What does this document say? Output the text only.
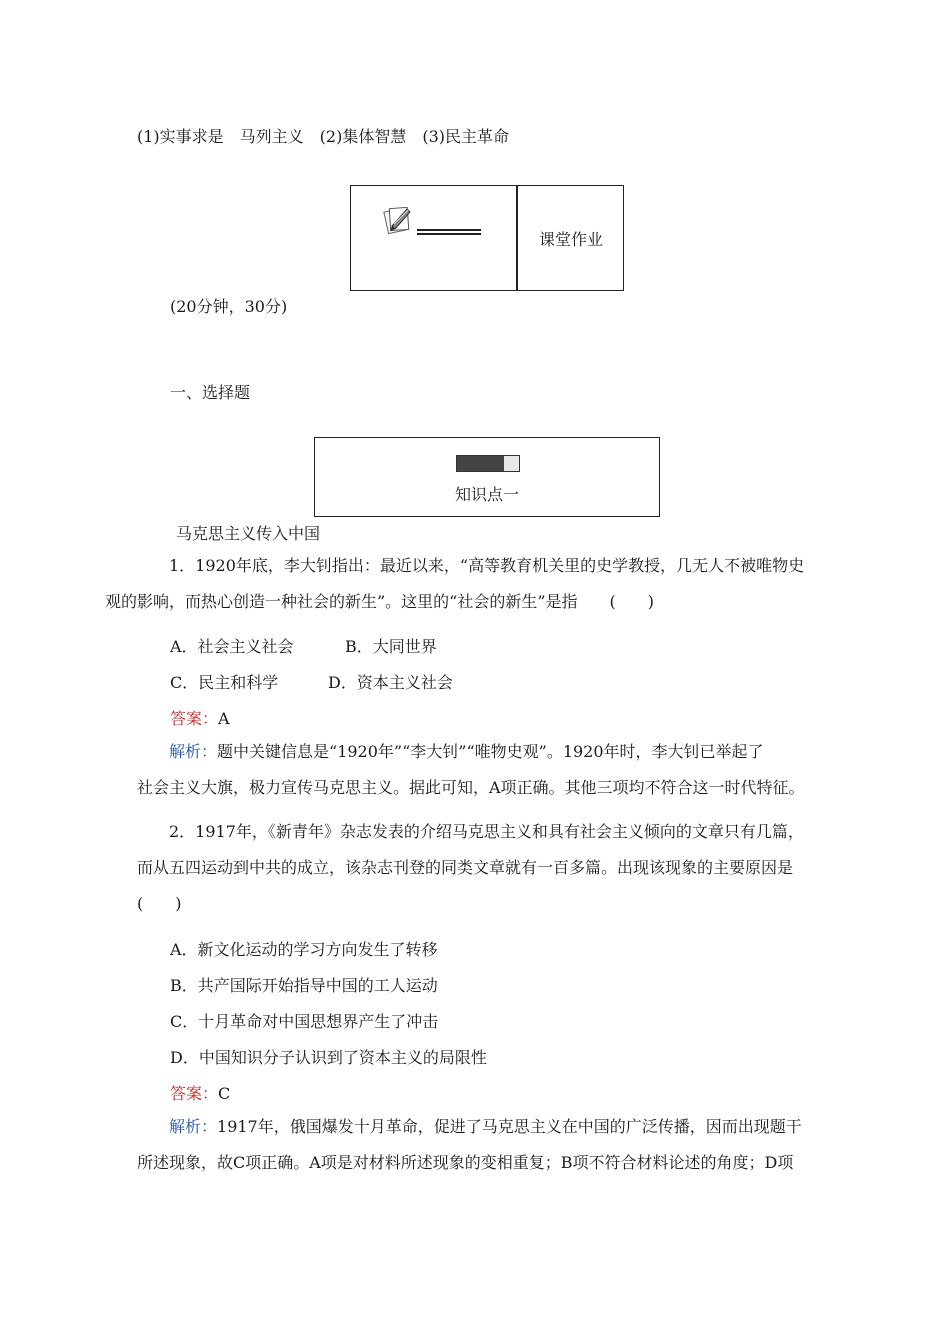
(1)实事求是　马列主义　(2)集体智慧　(3)民主革命
课堂作业
(20分钟，30分)
一、选择题
知识点一
马克思主义传入中国
1．1920年底，李大钊指出：最近以来，“高等教育机关里的史学教授，几无人不被唯物史
观的影响，而热心创造一种社会的新生”。这里的“社会的新生”是指　　(　　)
A．社会主义社会	B．大同世界
C．民主和科学	D．资本主义社会
答案：A
解析：题中关键信息是“1920年”“李大钊”“唯物史观”。1920年时，李大钊已举起了
社会主义大旗，极力宣传马克思主义。据此可知，A项正确。其他三项均不符合这一时代特征。
2．1917年，《新青年》杂志发表的介绍马克思主义和具有社会主义倾向的文章只有几篇，
而从五四运动到中共的成立，该杂志刊登的同类文章就有一百多篇。出现该现象的主要原因是
(　　)
A．新文化运动的学习方向发生了转移
B．共产国际开始指导中国的工人运动
C．十月革命对中国思想界产生了冲击
D．中国知识分子认识到了资本主义的局限性
答案：C
解析：1917年，俄国爆发十月革命，促进了马克思主义在中国的广泛传播，因而出现题干
所述现象，故C项正确。A项是对材料所述现象的变相重复；B项不符合材料论述的角度；D项
